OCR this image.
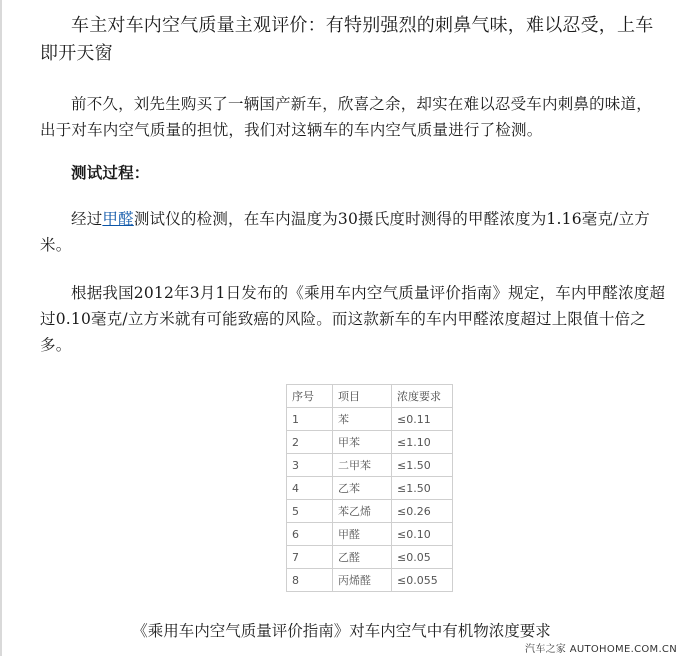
车主对车内空气质量主观评价：有特别强烈的刺鼻气味，难以忍受，上车即开天窗

前不久，刘先生购买了一辆国产新车，欣喜之余，却实在难以忍受车内刺鼻的味道，出于对车内空气质量的担忧，我们对这辆车的车内空气质量进行了检测。

测试过程：

经过甲醛测试仪的检测，在车内温度为30摄氏度时测得的甲醛浓度为1.16毫克/立方米。

根据我国2012年3月1日发布的《乘用车内空气质量评价指南》规定，车内甲醛浓度超过0.10毫克/立方米就有可能致癌的风险。而这款新车的车内甲醛浓度超过上限值十倍之多。

序号	项目	浓度要求
1	苯	≤0.11
2	甲苯	≤1.10
3	二甲苯	≤1.50
4	乙苯	≤1.50
5	苯乙烯	≤0.26
6	甲醛	≤0.10
7	乙醛	≤0.05
8	丙烯醛	≤0.055

《乘用车内空气质量评价指南》对车内空气中有机物浓度要求

汽车之家 AUTOHOME.COM.CN
